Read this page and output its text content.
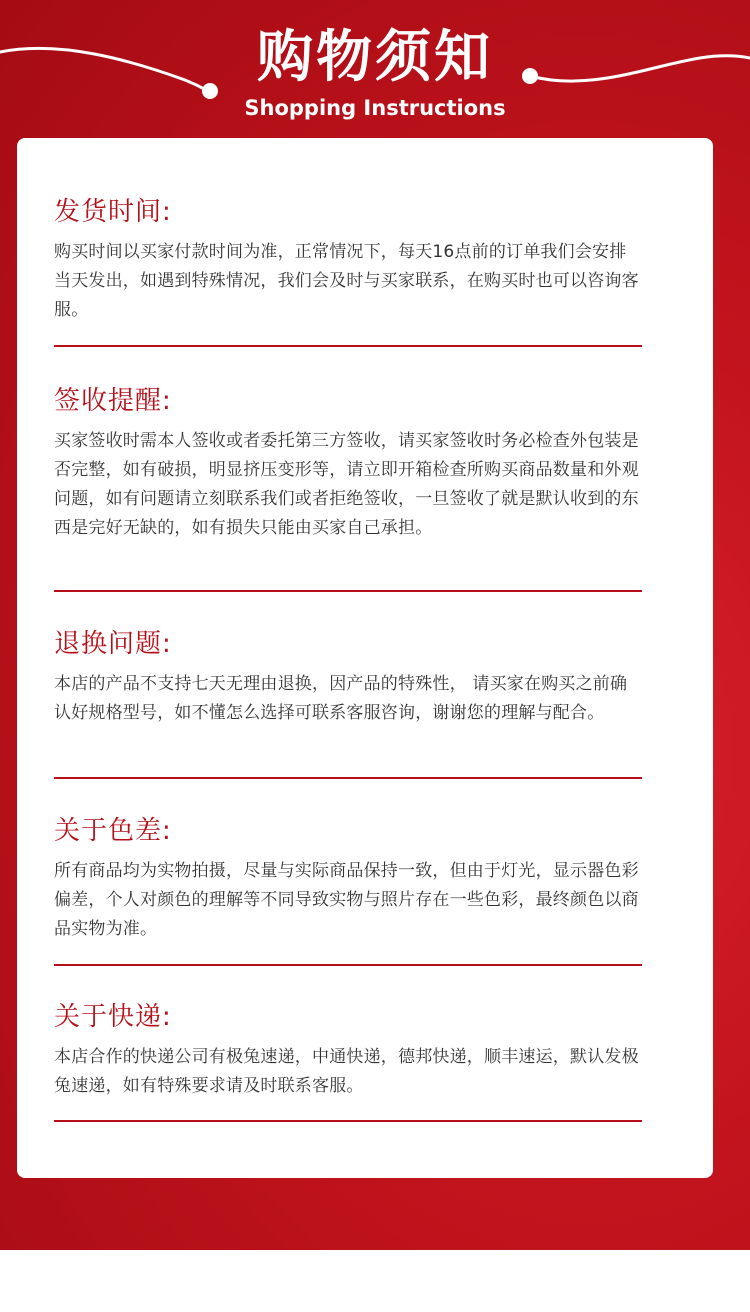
购物须知
Shopping Instructions
发货时间:
购买时间以买家付款时间为准，正常情况下，每天16点前的订单我们会安排当天发出，如遇到特殊情况，我们会及时与买家联系，在购买时也可以咨询客服。
签收提醒:
买家签收时需本人签收或者委托第三方签收，请买家签收时务必检查外包装是否完整，如有破损，明显挤压变形等，请立即开箱检查所购买商品数量和外观问题，如有问题请立刻联系我们或者拒绝签收，一旦签收了就是默认收到的东西是完好无缺的，如有损失只能由买家自己承担。
退换问题:
本店的产品不支持七天无理由退换，因产品的特殊性， 请买家在购买之前确认好规格型号，如不懂怎么选择可联系客服咨询，谢谢您的理解与配合。
关于色差:
所有商品均为实物拍摄，尽量与实际商品保持一致，但由于灯光，显示器色彩偏差，个人对颜色的理解等不同导致实物与照片存在一些色彩，最终颜色以商品实物为准。
关于快递:
本店合作的快递公司有极兔速递，中通快递，德邦快递，顺丰速运，默认发极兔速递，如有特殊要求请及时联系客服。
